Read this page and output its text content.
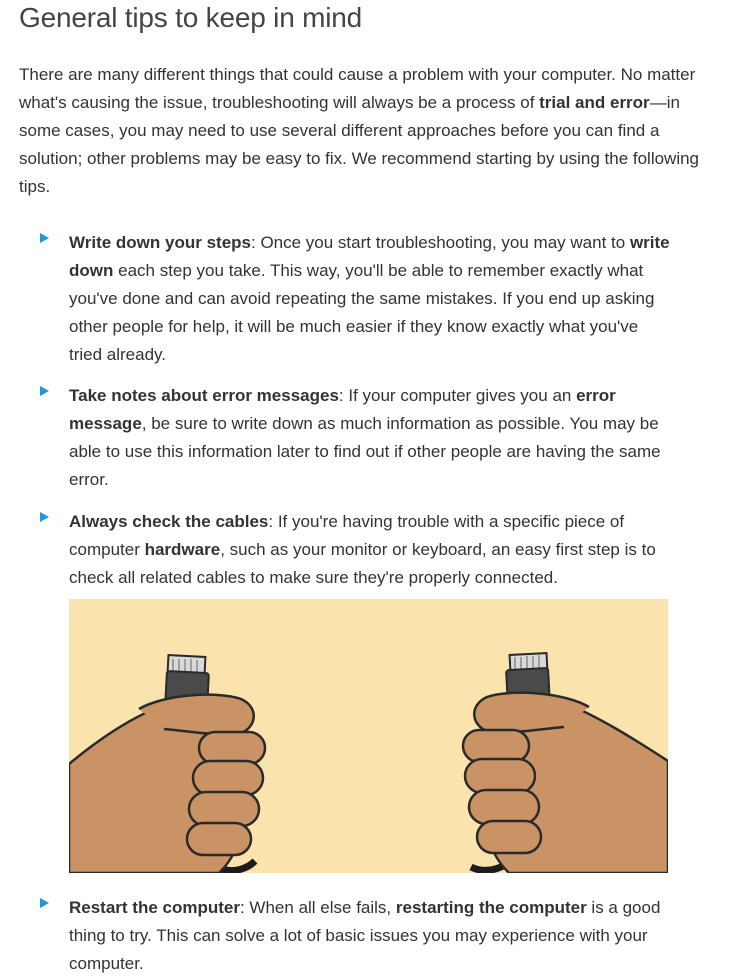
General tips to keep in mind

There are many different things that could cause a problem with your computer. No matter what's causing the issue, troubleshooting will always be a process of trial and error—in some cases, you may need to use several different approaches before you can find a solution; other problems may be easy to fix. We recommend starting by using the following tips.

Write down your steps: Once you start troubleshooting, you may want to write down each step you take. This way, you'll be able to remember exactly what you've done and can avoid repeating the same mistakes. If you end up asking other people for help, it will be much easier if they know exactly what you've tried already.

Take notes about error messages: If your computer gives you an error message, be sure to write down as much information as possible. You may be able to use this information later to find out if other people are having the same error.

Always check the cables: If you're having trouble with a specific piece of computer hardware, such as your monitor or keyboard, an easy first step is to check all related cables to make sure they're properly connected.

Restart the computer: When all else fails, restarting the computer is a good thing to try. This can solve a lot of basic issues you may experience with your computer.
